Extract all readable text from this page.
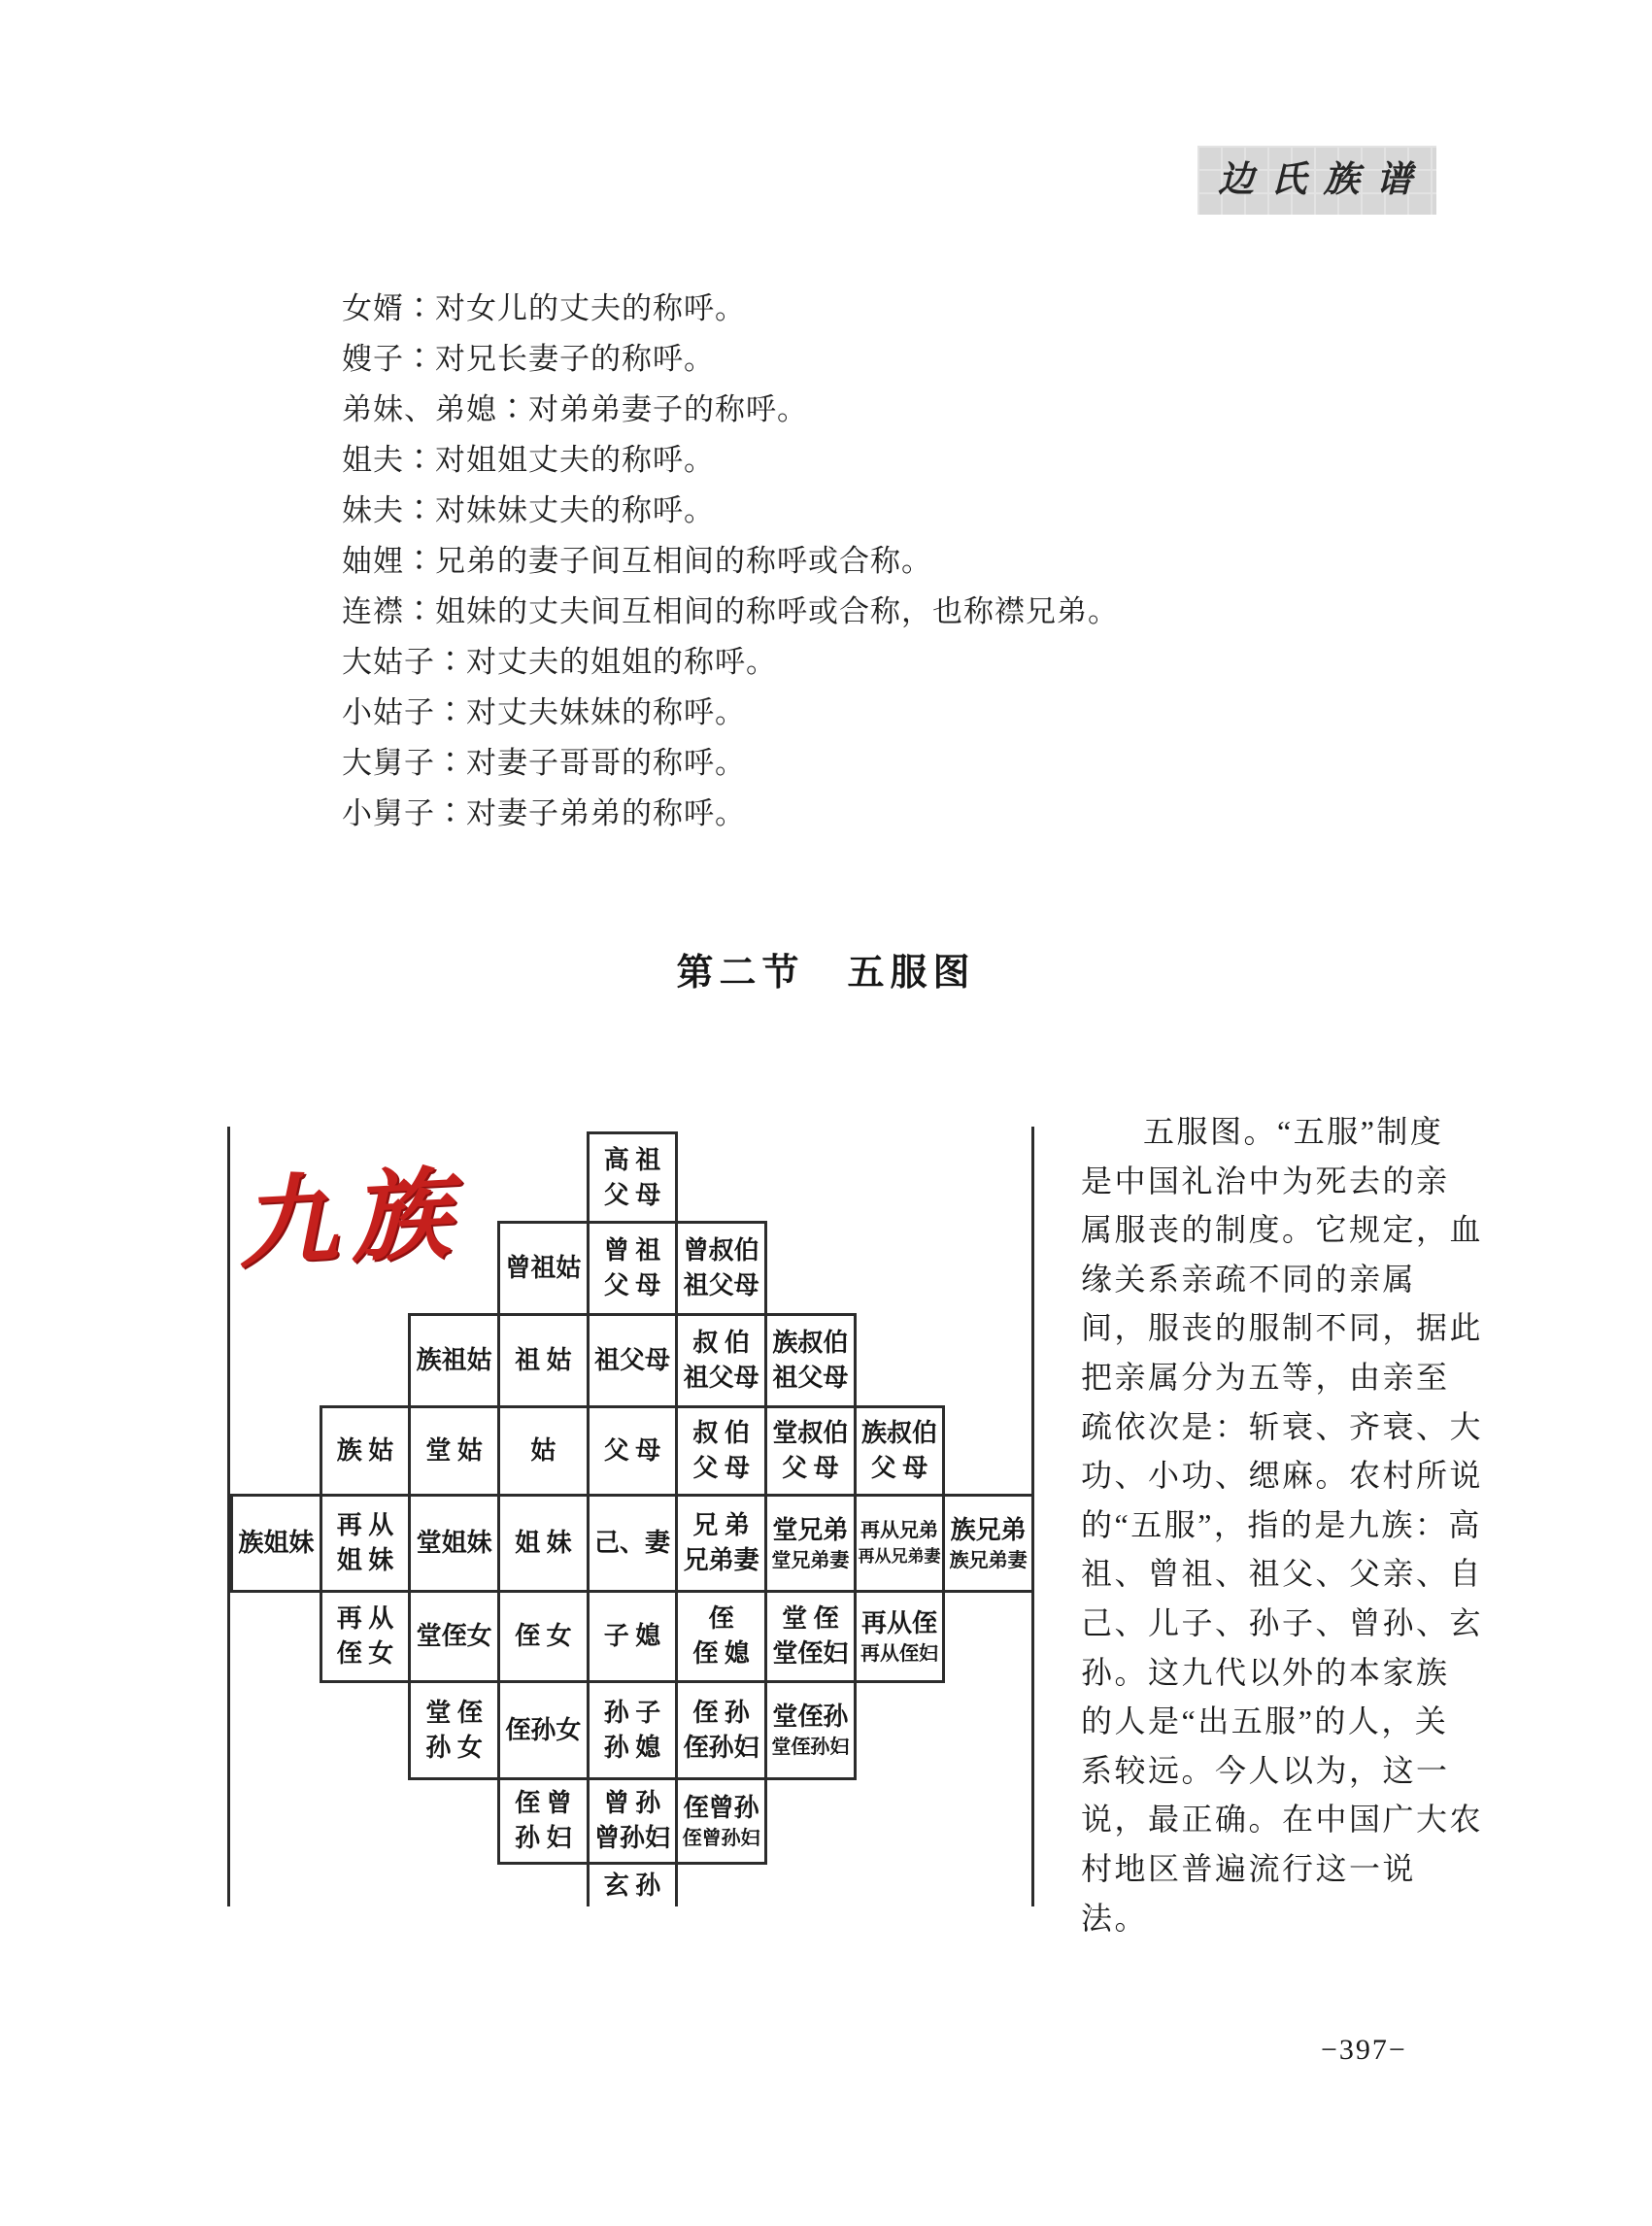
边 氏 族 谱
女婿∶对女儿的丈夫的称呼。
嫂子∶对兄长妻子的称呼。
弟妹、弟媳∶对弟弟妻子的称呼。
姐夫∶对姐姐丈夫的称呼。
妹夫∶对妹妹丈夫的称呼。
妯娌∶兄弟的妻子间互相间的称呼或合称。
连襟∶姐妹的丈夫间互相间的称呼或合称，也称襟兄弟。
大姑子∶对丈夫的姐姐的称呼。
小姑子∶对丈夫妹妹的称呼。
大舅子∶对妻子哥哥的称呼。
小舅子∶对妻子弟弟的称呼。
第二节　五服图
九族
高 祖
父 母
曾祖姑
曾 祖
父 母
曾叔伯
祖父母
族祖姑 祖 姑 祖父母
叔 伯
祖父母
族叔伯
祖父母
族 姑 堂 姑 姑 父 母
叔 伯
父 母
堂叔伯
父 母
族叔伯
父 母
族姐妹
再 从
姐 妹
堂姐妹 姐 妹 己、妻
兄 弟
兄弟妻
堂兄弟
堂兄弟妻
再从兄弟
再从兄弟妻
族兄弟
族兄弟妻
再 从
侄 女
堂侄女 侄 女 子 媳
侄
侄 媳
堂 侄
堂侄妇
再从侄
再从侄妇
堂 侄
孙 女
侄孙女
孙 子
孙 媳
侄 孙
侄孙妇
堂侄孙
堂侄孙妇
侄 曾
孙 妇
曾 孙
曾孙妇
侄曾孙
侄曾孙妇
玄 孙
五服图。“五服”制度
是中国礼治中为死去的亲
属服丧的制度。它规定，血
缘关系亲疏不同的亲属
间，服丧的服制不同，据此
把亲属分为五等，由亲至
疏依次是：斩衰、齐衰、大
功、小功、缌麻。农村所说
的“五服”，指的是九族：高
祖、曾祖、祖父、父亲、自
己、儿子、孙子、曾孙、玄
孙。这九代以外的本家族
的人是“出五服”的人，关
系较远。今人以为，这一
说，最正确。在中国广大农
村地区普遍流行这一说
法。
−397−
